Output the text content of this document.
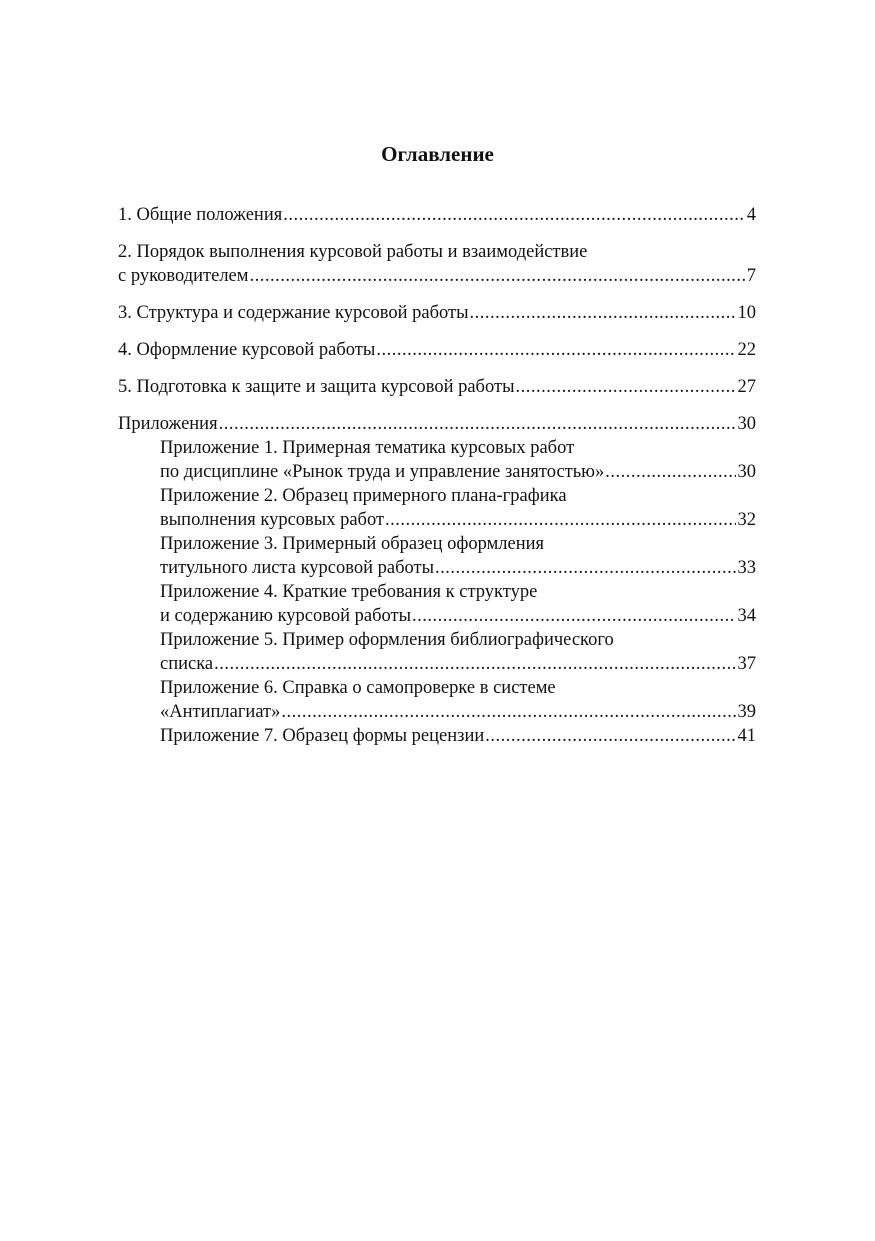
Оглавление
1. Общие положения .....	4
2. Порядок выполнения курсовой работы и взаимодействие
с руководителем .....	7
3. Структура и содержание курсовой работы .....	10
4. Оформление курсовой работы .....	22
5. Подготовка к защите и защита курсовой работы .....	27
Приложения .....	30
Приложение 1. Примерная тематика курсовых работ
по дисциплине «Рынок труда и управление занятостью» .....	30
Приложение 2. Образец примерного плана-графика
выполнения курсовых работ .....	32
Приложение 3. Примерный образец оформления
титульного листа курсовой работы .....	33
Приложение 4. Краткие требования к структуре
и содержанию курсовой работы .....	34
Приложение 5. Пример оформления библиографического
списка .....	37
Приложение 6. Справка о самопроверке в системе
«Антиплагиат» .....	39
Приложение 7. Образец формы рецензии .....	41
